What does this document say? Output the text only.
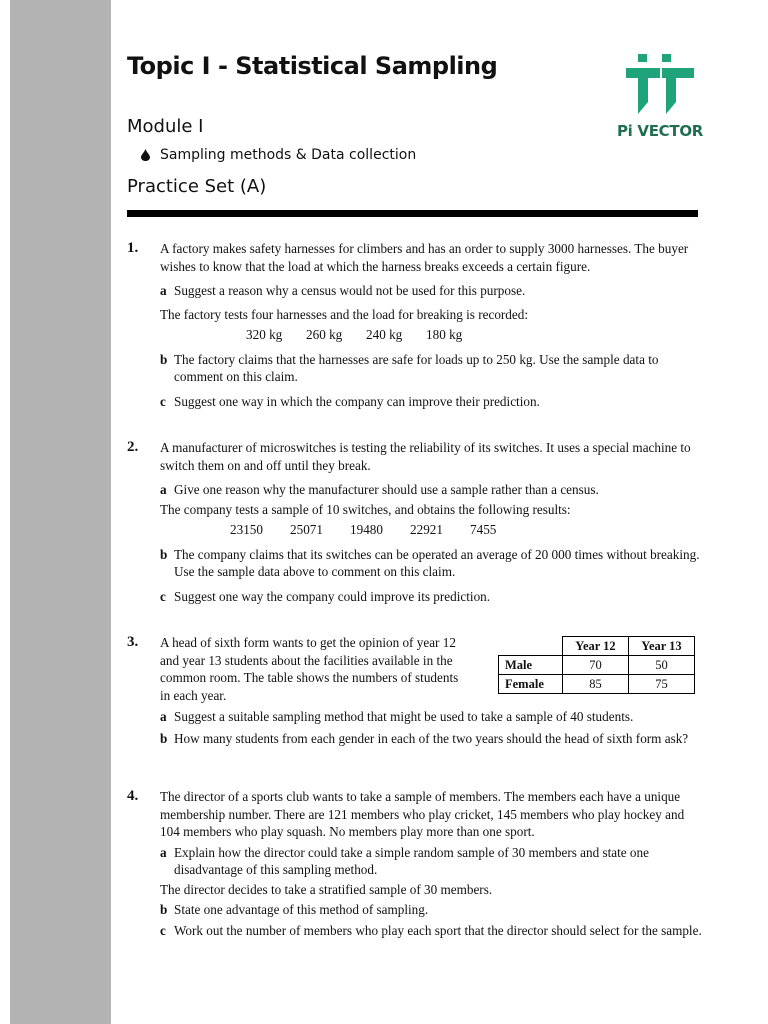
Topic I - Statistical Sampling
Module I
Sampling methods & Data collection
Practice Set (A)
Pi VECTOR
1. A factory makes safety harnesses for climbers and has an order to supply 3000 harnesses. The buyer wishes to know that the load at which the harness breaks exceeds a certain figure.

a Suggest a reason why a census would not be used for this purpose.

The factory tests four harnesses and the load for breaking is recorded:

320 kg	260 kg	240 kg	180 kg
b The factory claims that the harnesses are safe for loads up to 250 kg. Use the sample data to comment on this claim.
c Suggest one way in which the company can improve their prediction.
2. A manufacturer of microswitches is testing the reliability of its switches. It uses a special machine to switch them on and off until they break.

a Give one reason why the manufacturer should use a sample rather than a census.

The company tests a sample of 10 switches, and obtains the following results:

23150	25071	19480	22921	7455
b The company claims that its switches can be operated an average of 20 000 times without breaking. Use the sample data above to comment on this claim.
c Suggest one way the company could improve its prediction.
3. A head of sixth form wants to get the opinion of year 12 and year 13 students about the facilities available in the common room. The table shows the numbers of students in each year.

a Suggest a suitable sampling method that might be used to take a sample of 40 students.
b How many students from each gender in each of the two years should the head of sixth form ask?
	Year 12	Year 13
Male	70	50
Female	85	75
4. The director of a sports club wants to take a sample of members. The members each have a unique membership number. There are 121 members who play cricket, 145 members who play hockey and 104 members who play squash. No members play more than one sport.

a Explain how the director could take a simple random sample of 30 members and state one disadvantage of this sampling method.

The director decides to take a stratified sample of 30 members.

b State one advantage of this method of sampling.
c Work out the number of members who play each sport that the director should select for the sample.
